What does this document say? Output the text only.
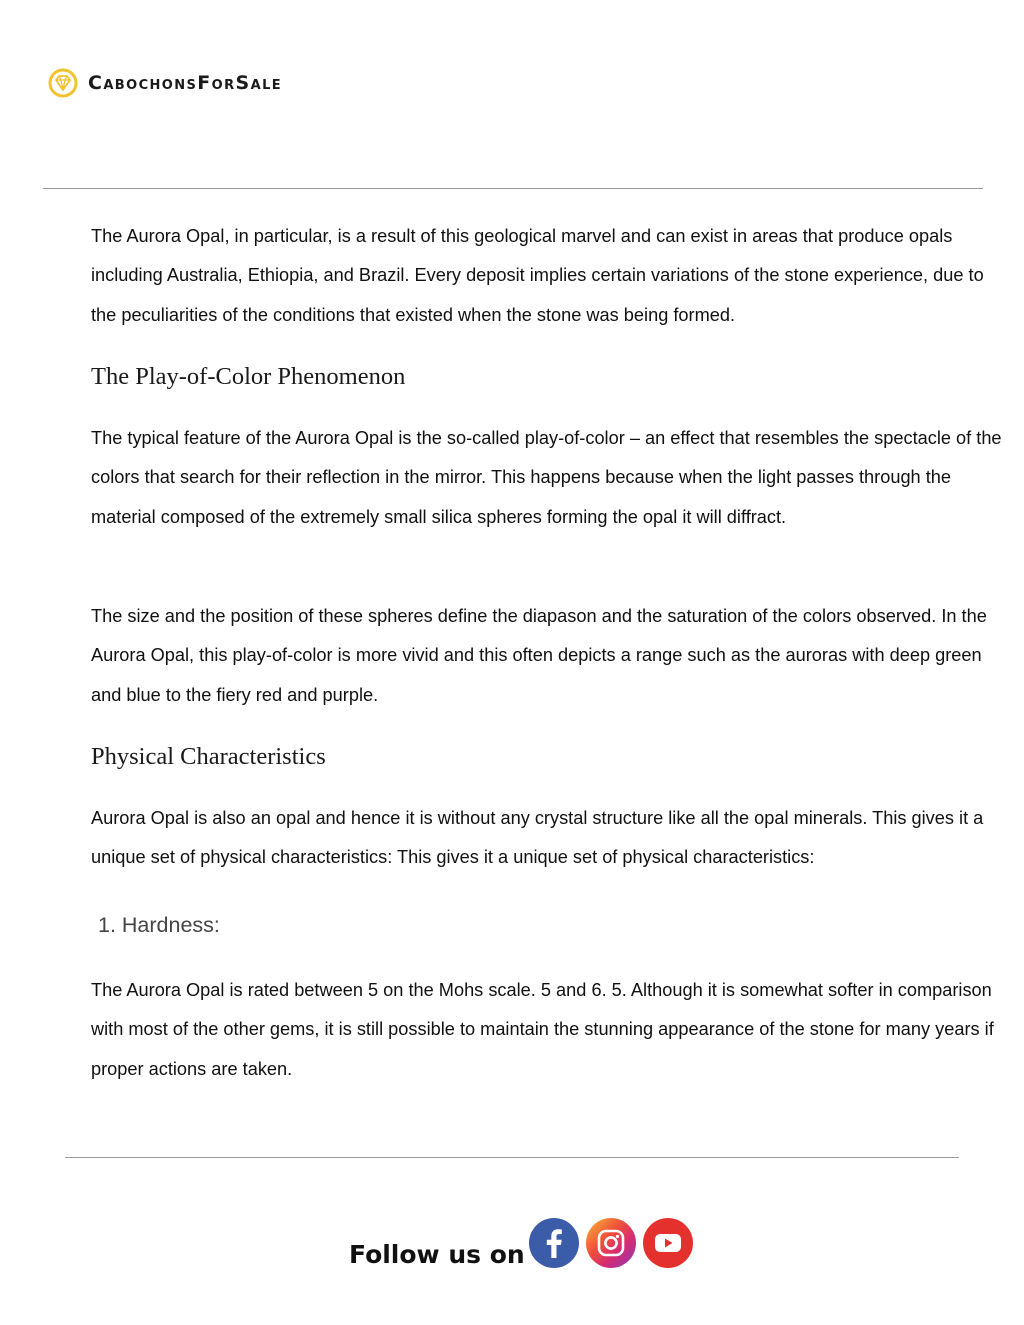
CabochonsForSale

The Aurora Opal, in particular, is a result of this geological marvel and can exist in areas that produce opals including Australia, Ethiopia, and Brazil. Every deposit implies certain variations of the stone experience, due to the peculiarities of the conditions that existed when the stone was being formed.

The Play-of-Color Phenomenon

The typical feature of the Aurora Opal is the so-called play-of-color – an effect that resembles the spectacle of the colors that search for their reflection in the mirror. This happens because when the light passes through the material composed of the extremely small silica spheres forming the opal it will diffract.

The size and the position of these spheres define the diapason and the saturation of the colors observed. In the Aurora Opal, this play-of-color is more vivid and this often depicts a range such as the auroras with deep green and blue to the fiery red and purple.

Physical Characteristics

Aurora Opal is also an opal and hence it is without any crystal structure like all the opal minerals. This gives it a unique set of physical characteristics: This gives it a unique set of physical characteristics:

1. Hardness:

The Aurora Opal is rated between 5 on the Mohs scale. 5 and 6. 5. Although it is somewhat softer in comparison with most of the other gems, it is still possible to maintain the stunning appearance of the stone for many years if proper actions are taken.

Follow us on
